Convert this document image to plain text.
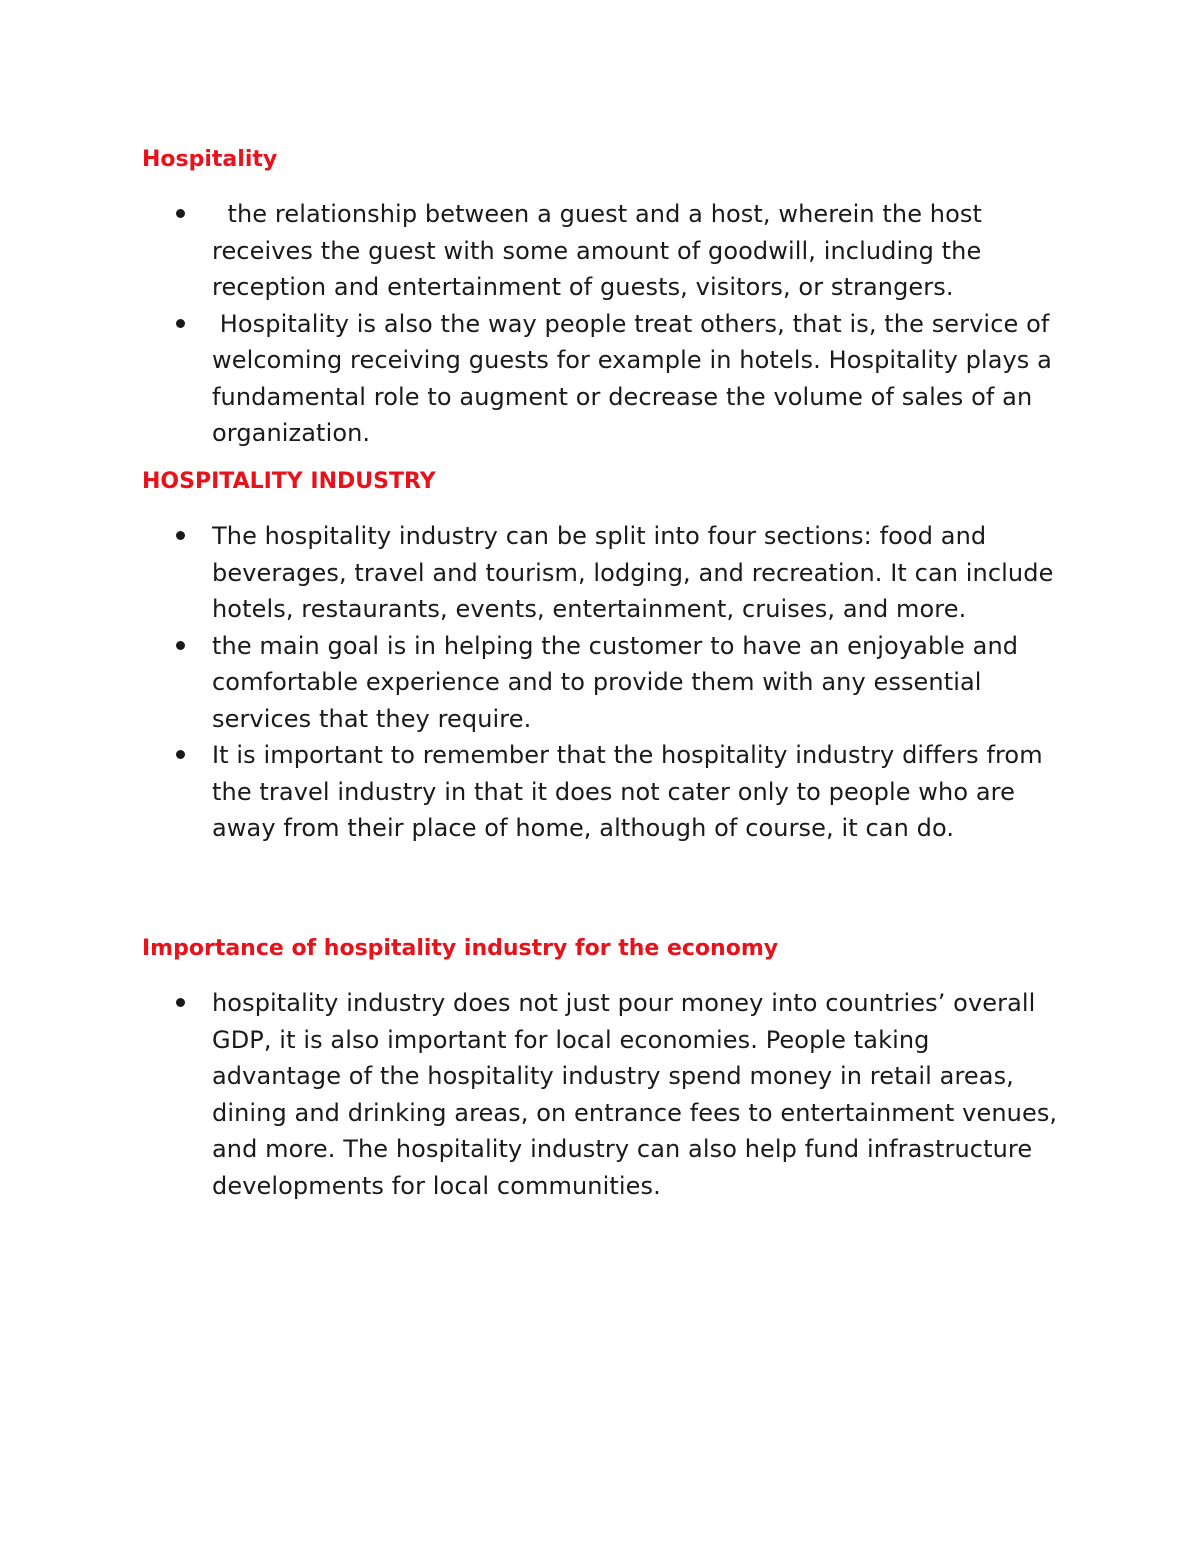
Hospitality
the relationship between a guest and a host, wherein the host receives the guest with some amount of goodwill, including the reception and entertainment of guests, visitors, or strangers.
Hospitality is also the way people treat others, that is, the service of welcoming receiving guests for example in hotels. Hospitality plays a fundamental role to augment or decrease the volume of sales of an organization.
HOSPITALITY INDUSTRY
The hospitality industry can be split into four sections: food and beverages, travel and tourism, lodging, and recreation. It can include hotels, restaurants, events, entertainment, cruises, and more.
the main goal is in helping the customer to have an enjoyable and comfortable experience and to provide them with any essential services that they require.
It is important to remember that the hospitality industry differs from the travel industry in that it does not cater only to people who are away from their place of home, although of course, it can do.
Importance of hospitality industry for the economy
hospitality industry does not just pour money into countries’ overall GDP, it is also important for local economies. People taking advantage of the hospitality industry spend money in retail areas, dining and drinking areas, on entrance fees to entertainment venues, and more. The hospitality industry can also help fund infrastructure developments for local communities.
